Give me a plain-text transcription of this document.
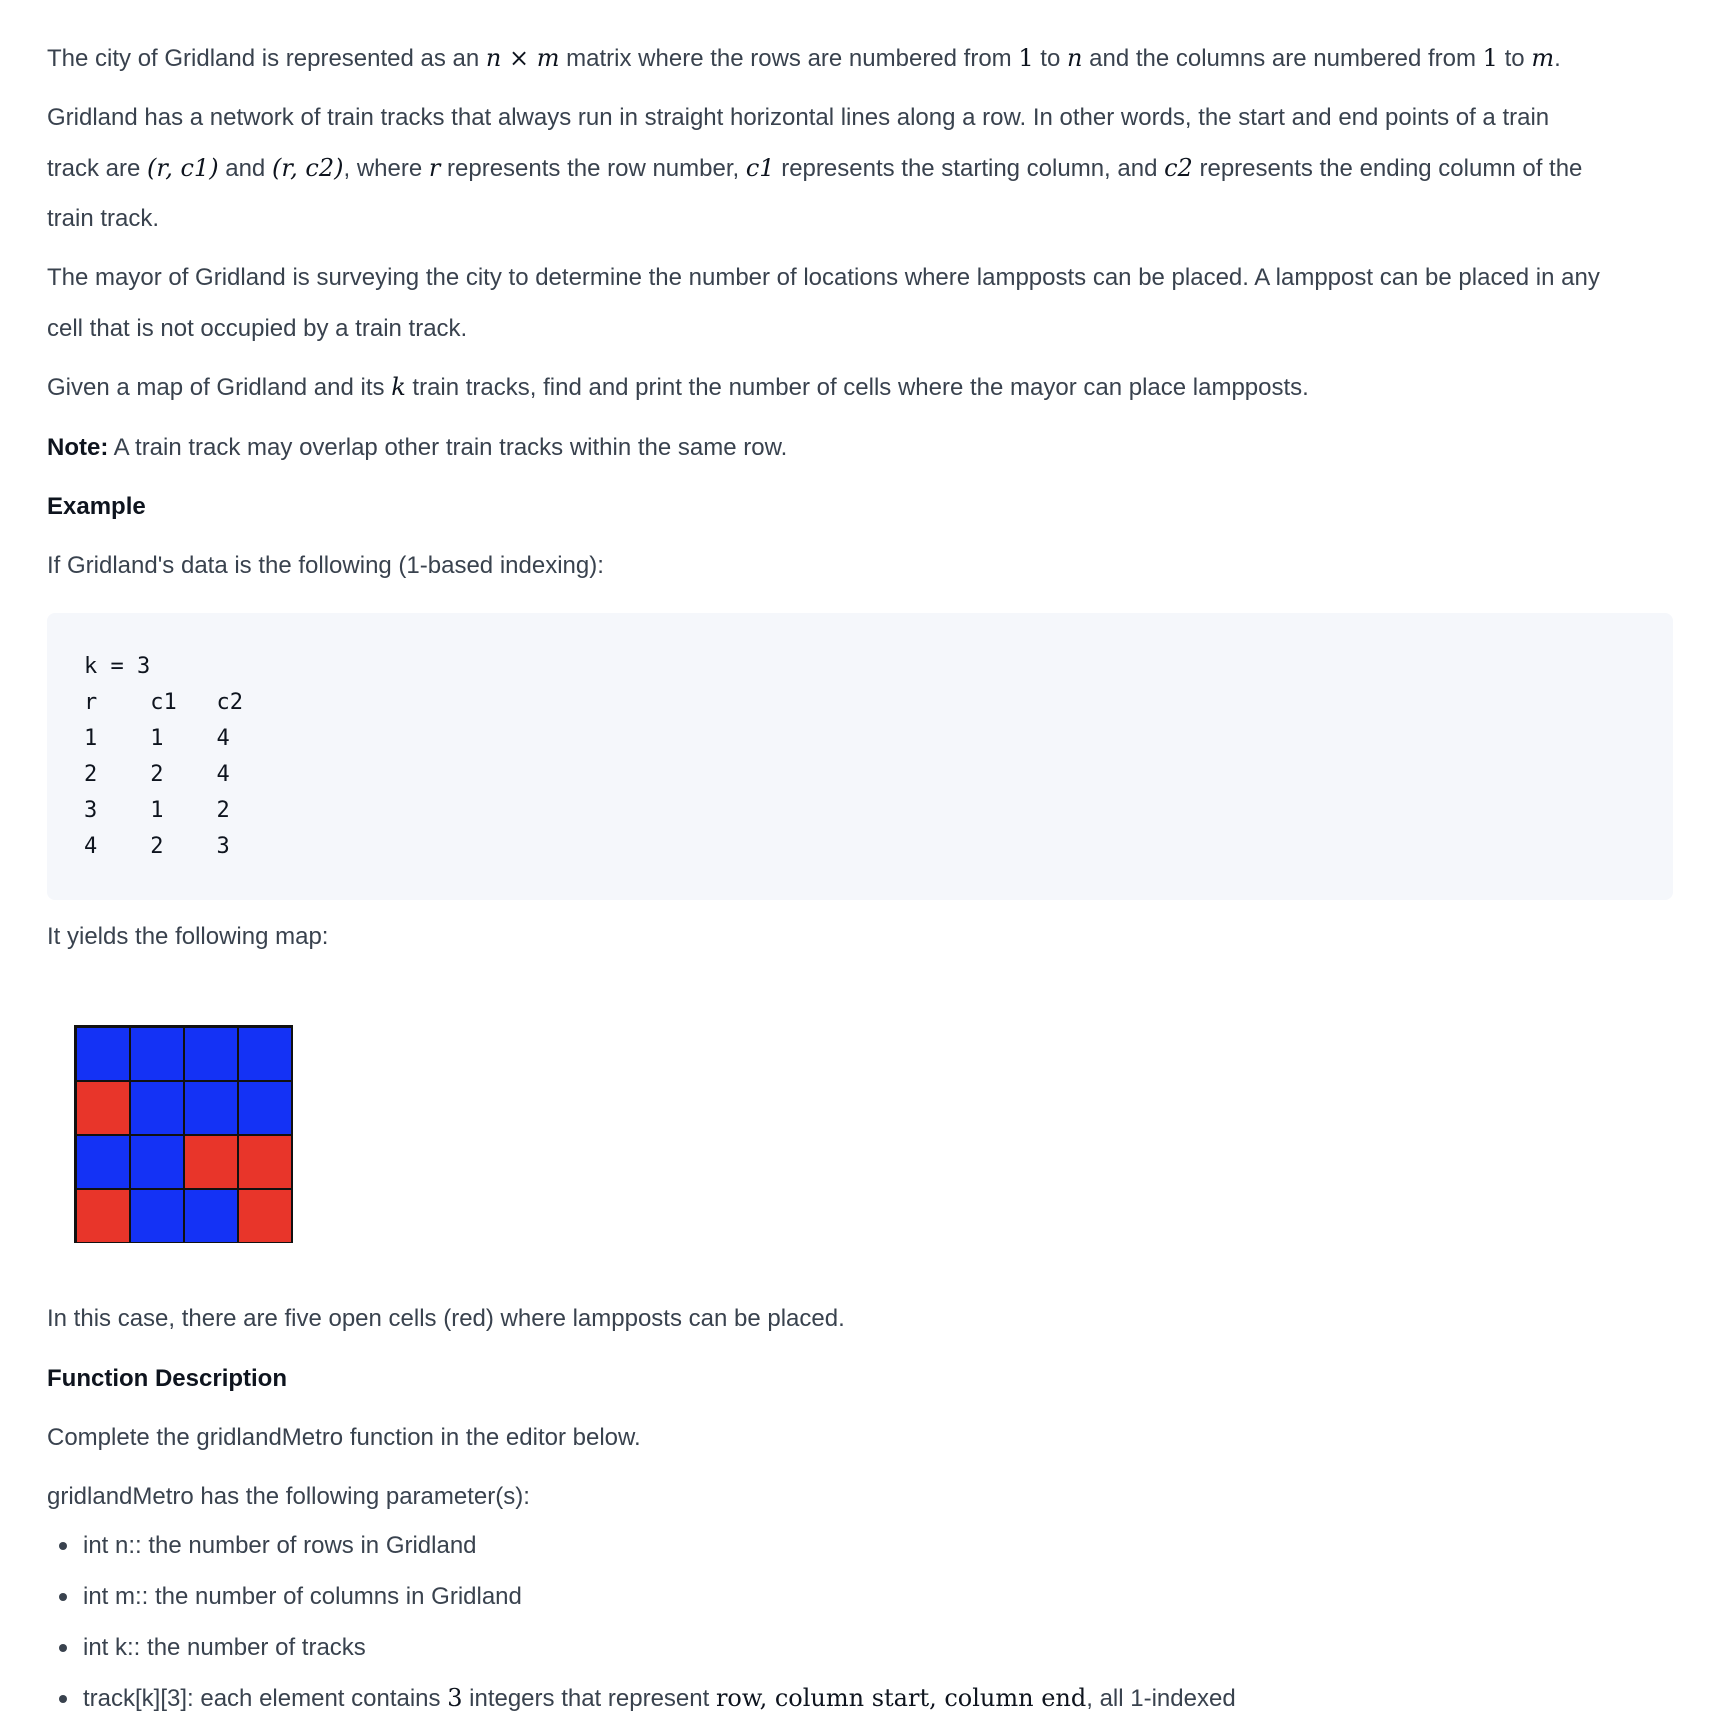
The city of Gridland is represented as an n × m matrix where the rows are numbered from 1 to n and the columns are numbered from 1 to m.

Gridland has a network of train tracks that always run in straight horizontal lines along a row. In other words, the start and end points of a train

track are (r, c1) and (r, c2), where r represents the row number, c1 represents the starting column, and c2 represents the ending column of the

train track.

The mayor of Gridland is surveying the city to determine the number of locations where lampposts can be placed. A lamppost can be placed in any

cell that is not occupied by a train track.

Given a map of Gridland and its k train tracks, find and print the number of cells where the mayor can place lampposts.

Note: A train track may overlap other train tracks within the same row.

Example

If Gridland's data is the following (1-based indexing):

k = 3
r    c1   c2
1    1    4
2    2    4
3    1    2
4    2    3

It yields the following map:

In this case, there are five open cells (red) where lampposts can be placed.

Function Description

Complete the gridlandMetro function in the editor below.

gridlandMetro has the following parameter(s):

int n:: the number of rows in Gridland
int m:: the number of columns in Gridland
int k:: the number of tracks
track[k][3]: each element contains 3 integers that represent row, column start, column end, all 1-indexed
